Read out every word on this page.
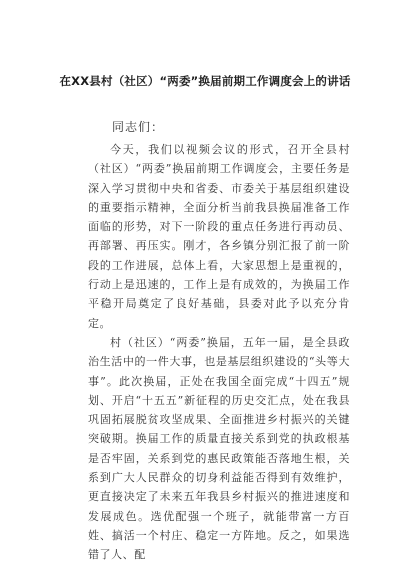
在XX县村（社区）“两委”换届前期工作调度会上的讲话
同志们：

今天，我们以视频会议的形式，召开全县村（社区）“两委”换届前期工作调度会，主要任务是深入学习贯彻中央和省委、市委关于基层组织建设的重要指示精神，全面分析当前我县换届准备工作面临的形势，对下一阶段的重点任务进行再动员、再部署、再压实。刚才，各乡镇分别汇报了前一阶段的工作进展，总体上看，大家思想上是重视的，行动上是迅速的，工作上是有成效的，为换届工作平稳开局奠定了良好基础，县委对此予以充分肯定。

村（社区）“两委”换届，五年一届，是全县政治生活中的一件大事，也是基层组织建设的“头等大事”。此次换届，正处在我国全面完成“十四五”规划、开启“十五五”新征程的历史交汇点，处在我县巩固拓展脱贫攻坚成果、全面推进乡村振兴的关键突破期。换届工作的质量直接关系到党的执政根基是否牢固，关系到党的惠民政策能否落地生根，关系到广大人民群众的切身利益能否得到有效维护，更直接决定了未来五年我县乡村振兴的推进速度和发展成色。选优配强一个班子，就能带富一方百姓、搞活一个村庄、稳定一方阵地。反之，如果选错了人、配
